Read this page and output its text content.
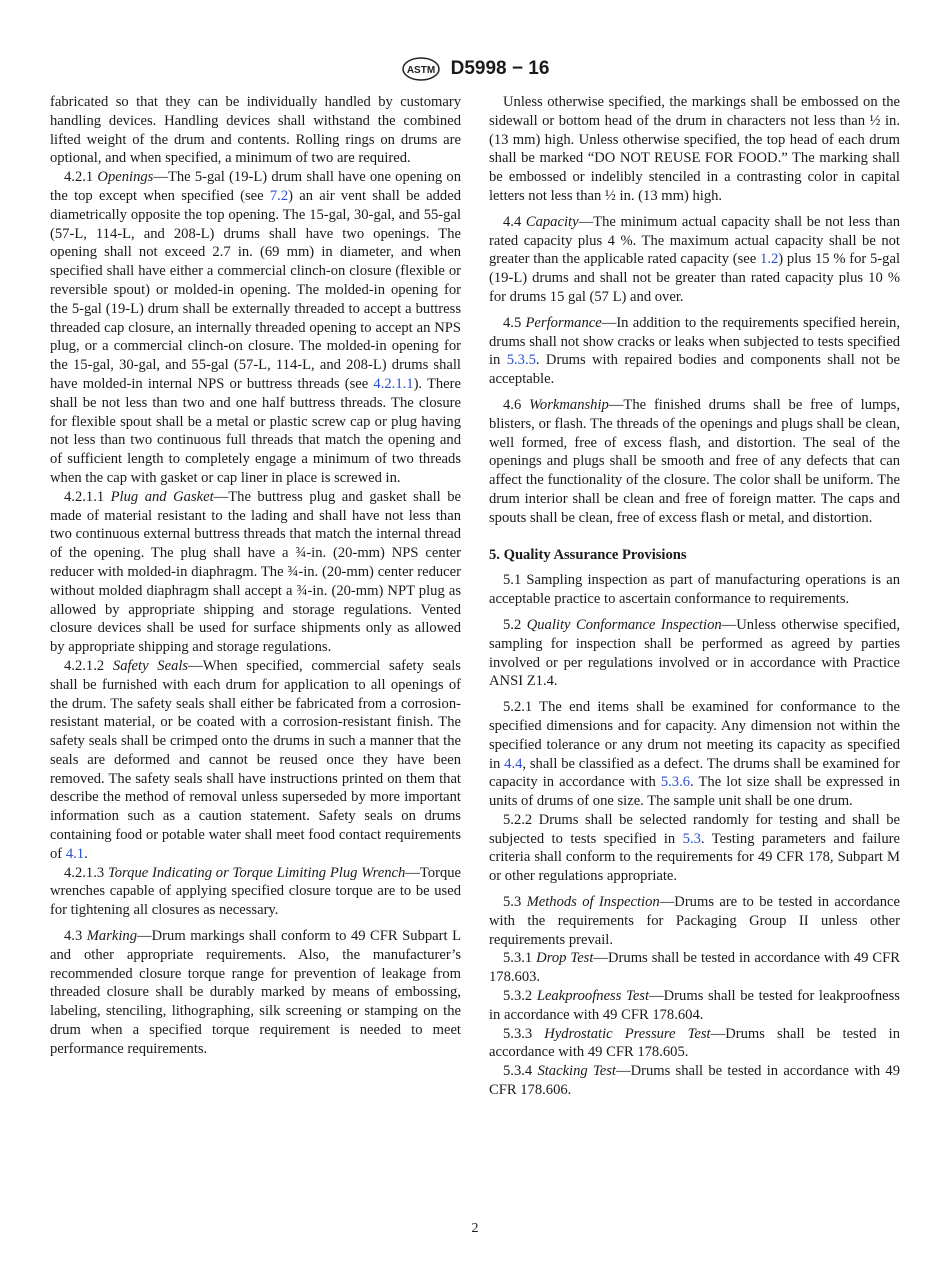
ASTM D5998 − 16

fabricated so that they can be individually handled by customary handling devices. Handling devices shall withstand the combined lifted weight of the drum and contents. Rolling rings on drums are optional, and when specified, a minimum of two are required.

4.2.1 Openings—The 5-gal (19-L) drum shall have one opening on the top except when specified (see 7.2) an air vent shall be added diametrically opposite the top opening. The 15-gal, 30-gal, and 55-gal (57-L, 114-L, and 208-L) drums shall have two openings. The opening shall not exceed 2.7 in. (69 mm) in diameter, and when specified shall have either a commercial clinch-on closure (flexible or reversible spout) or molded-in opening. The molded-in opening for the 5-gal (19-L) drum shall be externally threaded to accept a buttress threaded cap closure, an internally threaded opening to accept an NPS plug, or a commercial clinch-on closure. The molded-in opening for the 15-gal, 30-gal, and 55-gal (57-L, 114-L, and 208-L) drums shall have molded-in internal NPS or buttress threads (see 4.2.1.1). There shall be not less than two and one half buttress threads. The closure for flexible spout shall be a metal or plastic screw cap or plug having not less than two continuous full threads that match the opening and of sufficient length to completely engage a minimum of two threads when the cap with gasket or cap liner in place is screwed in.

4.2.1.1 Plug and Gasket—The buttress plug and gasket shall be made of material resistant to the lading and shall have not less than two continuous external buttress threads that match the internal thread of the opening. The plug shall have a ¾-in. (20-mm) NPS center reducer with molded-in diaphragm. The ¾-in. (20-mm) center reducer without molded diaphragm shall accept a ¾-in. (20-mm) NPT plug as allowed by appropriate shipping and storage regulations. Vented closure devices shall be used for surface shipments only as allowed by appropriate shipping and storage regulations.

4.2.1.2 Safety Seals—When specified, commercial safety seals shall be furnished with each drum for application to all openings of the drum. The safety seals shall either be fabricated from a corrosion-resistant material, or be coated with a corrosion-resistant finish. The safety seals shall be crimped onto the drums in such a manner that the seals are deformed and cannot be reused once they have been removed. The safety seals shall have instructions printed on them that describe the method of removal unless superseded by more important information such as a caution statement. Safety seals on drums containing food or potable water shall meet food contact requirements of 4.1.

4.2.1.3 Torque Indicating or Torque Limiting Plug Wrench—Torque wrenches capable of applying specified closure torque are to be used for tightening all closures as necessary.

4.3 Marking—Drum markings shall conform to 49 CFR Subpart L and other appropriate requirements. Also, the manufacturer’s recommended closure torque range for prevention of leakage from threaded closure shall be durably marked by means of embossing, labeling, stenciling, lithographing, silk screening or stamping on the drum when a specified torque requirement is needed to meet performance requirements.

Unless otherwise specified, the markings shall be embossed on the sidewall or bottom head of the drum in characters not less than ½ in. (13 mm) high. Unless otherwise specified, the top head of each drum shall be marked “DO NOT REUSE FOR FOOD.” The marking shall be embossed or indelibly stenciled in a contrasting color in capital letters not less than ½ in. (13 mm) high.

4.4 Capacity—The minimum actual capacity shall be not less than rated capacity plus 4 %. The maximum actual capacity shall be not greater than the applicable rated capacity (see 1.2) plus 15 % for 5-gal (19-L) drums and shall not be greater than rated capacity plus 10 % for drums 15 gal (57 L) and over.

4.5 Performance—In addition to the requirements specified herein, drums shall not show cracks or leaks when subjected to tests specified in 5.3.5. Drums with repaired bodies and components shall not be acceptable.

4.6 Workmanship—The finished drums shall be free of lumps, blisters, or flash. The threads of the openings and plugs shall be clean, well formed, free of excess flash, and distortion. The seal of the openings and plugs shall be smooth and free of any defects that can affect the functionality of the closure. The color shall be uniform. The drum interior shall be clean and free of foreign matter. The caps and spouts shall be clean, free of excess flash or metal, and distortion.

5. Quality Assurance Provisions

5.1 Sampling inspection as part of manufacturing operations is an acceptable practice to ascertain conformance to requirements.

5.2 Quality Conformance Inspection—Unless otherwise specified, sampling for inspection shall be performed as agreed by parties involved or per regulations involved or in accordance with Practice ANSI Z1.4.

5.2.1 The end items shall be examined for conformance to the specified dimensions and for capacity. Any dimension not within the specified tolerance or any drum not meeting its capacity as specified in 4.4, shall be classified as a defect. The drums shall be examined for capacity in accordance with 5.3.6. The lot size shall be expressed in units of drums of one size. The sample unit shall be one drum.

5.2.2 Drums shall be selected randomly for testing and shall be subjected to tests specified in 5.3. Testing parameters and failure criteria shall conform to the requirements for 49 CFR 178, Subpart M or other regulations appropriate.

5.3 Methods of Inspection—Drums are to be tested in accordance with the requirements for Packaging Group II unless other requirements prevail.

5.3.1 Drop Test—Drums shall be tested in accordance with 49 CFR 178.603.

5.3.2 Leakproofness Test—Drums shall be tested for leakproofness in accordance with 49 CFR 178.604.

5.3.3 Hydrostatic Pressure Test—Drums shall be tested in accordance with 49 CFR 178.605.

5.3.4 Stacking Test—Drums shall be tested in accordance with 49 CFR 178.606.

2
